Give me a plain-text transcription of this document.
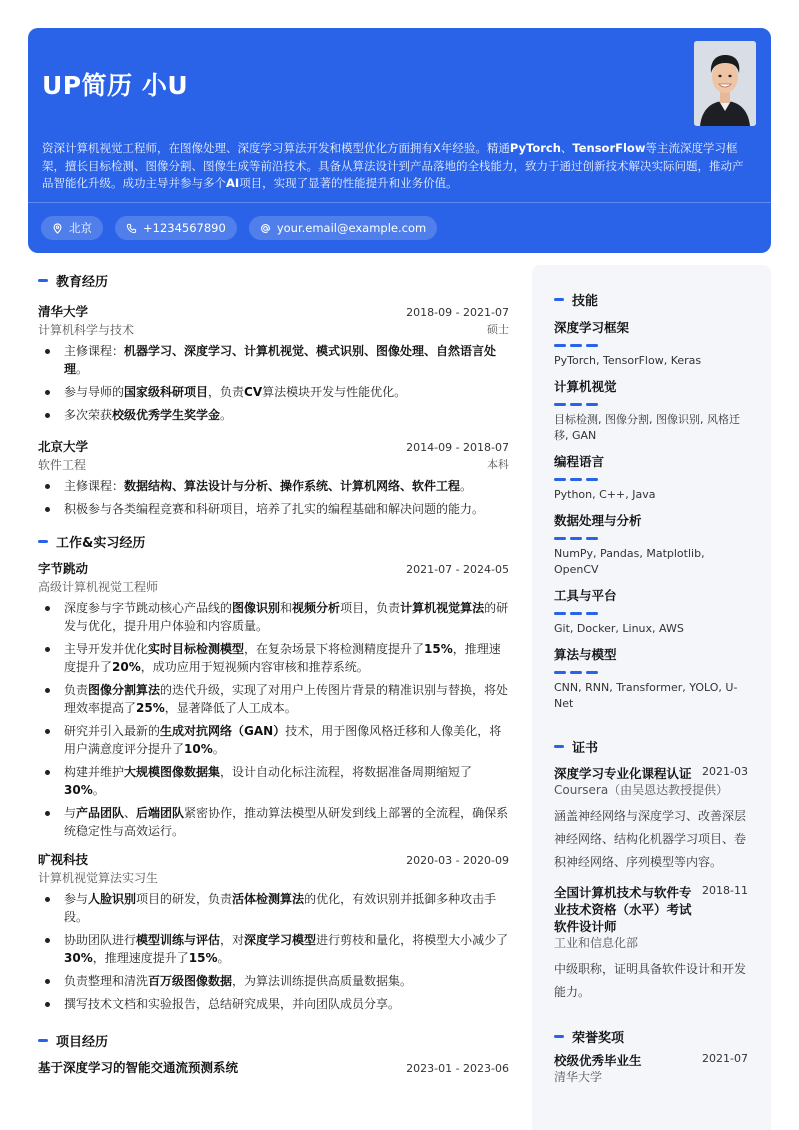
UP简历 小U
资深计算机视觉工程师，在图像处理、深度学习算法开发和模型优化方面拥有X年经验。精通PyTorch、TensorFlow等主流深度学习框架，擅长目标检测、图像分割、图像生成等前沿技术。具备从算法设计到产品落地的全栈能力，致力于通过创新技术解决实际问题，推动产品智能化升级。成功主导并参与多个AI项目，实现了显著的性能提升和业务价值。
北京	+1234567890	your.email@example.com
教育经历
清华大学	2018-09 - 2021-07
计算机科学与技术	硕士
主修课程：机器学习、深度学习、计算机视觉、模式识别、图像处理、自然语言处理。
参与导师的国家级科研项目，负责CV算法模块开发与性能优化。
多次荣获校级优秀学生奖学金。
北京大学	2014-09 - 2018-07
软件工程	本科
主修课程：数据结构、算法设计与分析、操作系统、计算机网络、软件工程。
积极参与各类编程竞赛和科研项目，培养了扎实的编程基础和解决问题的能力。
工作&实习经历
字节跳动	2021-07 - 2024-05
高级计算机视觉工程师
深度参与字节跳动核心产品线的图像识别和视频分析项目，负责计算机视觉算法的研发与优化，提升用户体验和内容质量。
主导开发并优化实时目标检测模型，在复杂场景下将检测精度提升了15%，推理速度提升了20%，成功应用于短视频内容审核和推荐系统。
负责图像分割算法的迭代升级，实现了对用户上传图片背景的精准识别与替换，将处理效率提高了25%，显著降低了人工成本。
研究并引入最新的生成对抗网络（GAN）技术，用于图像风格迁移和人像美化，将用户满意度评分提升了10%。
构建并维护大规模图像数据集，设计自动化标注流程，将数据准备周期缩短了30%。
与产品团队、后端团队紧密协作，推动算法模型从研发到线上部署的全流程，确保系统稳定性与高效运行。
旷视科技	2020-03 - 2020-09
计算机视觉算法实习生
参与人脸识别项目的研发，负责活体检测算法的优化，有效识别并抵御多种攻击手段。
协助团队进行模型训练与评估，对深度学习模型进行剪枝和量化，将模型大小减少了30%，推理速度提升了15%。
负责整理和清洗百万级图像数据，为算法训练提供高质量数据集。
撰写技术文档和实验报告，总结研究成果，并向团队成员分享。
项目经历
基于深度学习的智能交通流预测系统	2023-01 - 2023-06
技能
深度学习框架
PyTorch, TensorFlow, Keras
计算机视觉
目标检测, 图像分割, 图像识别, 风格迁移, GAN
编程语言
Python, C++, Java
数据处理与分析
NumPy, Pandas, Matplotlib, OpenCV
工具与平台
Git, Docker, Linux, AWS
算法与模型
CNN, RNN, Transformer, YOLO, U-Net
证书
深度学习专业化课程认证 2021-03
Coursera（由吴恩达教授提供）
涵盖神经网络与深度学习、改善深层神经网络、结构化机器学习项目、卷积神经网络、序列模型等内容。
全国计算机技术与软件专业技术资格（水平）考试软件设计师
2018-11
工业和信息化部
中级职称，证明具备软件设计和开发能力。
荣誉奖项
校级优秀毕业生	2021-07
清华大学
